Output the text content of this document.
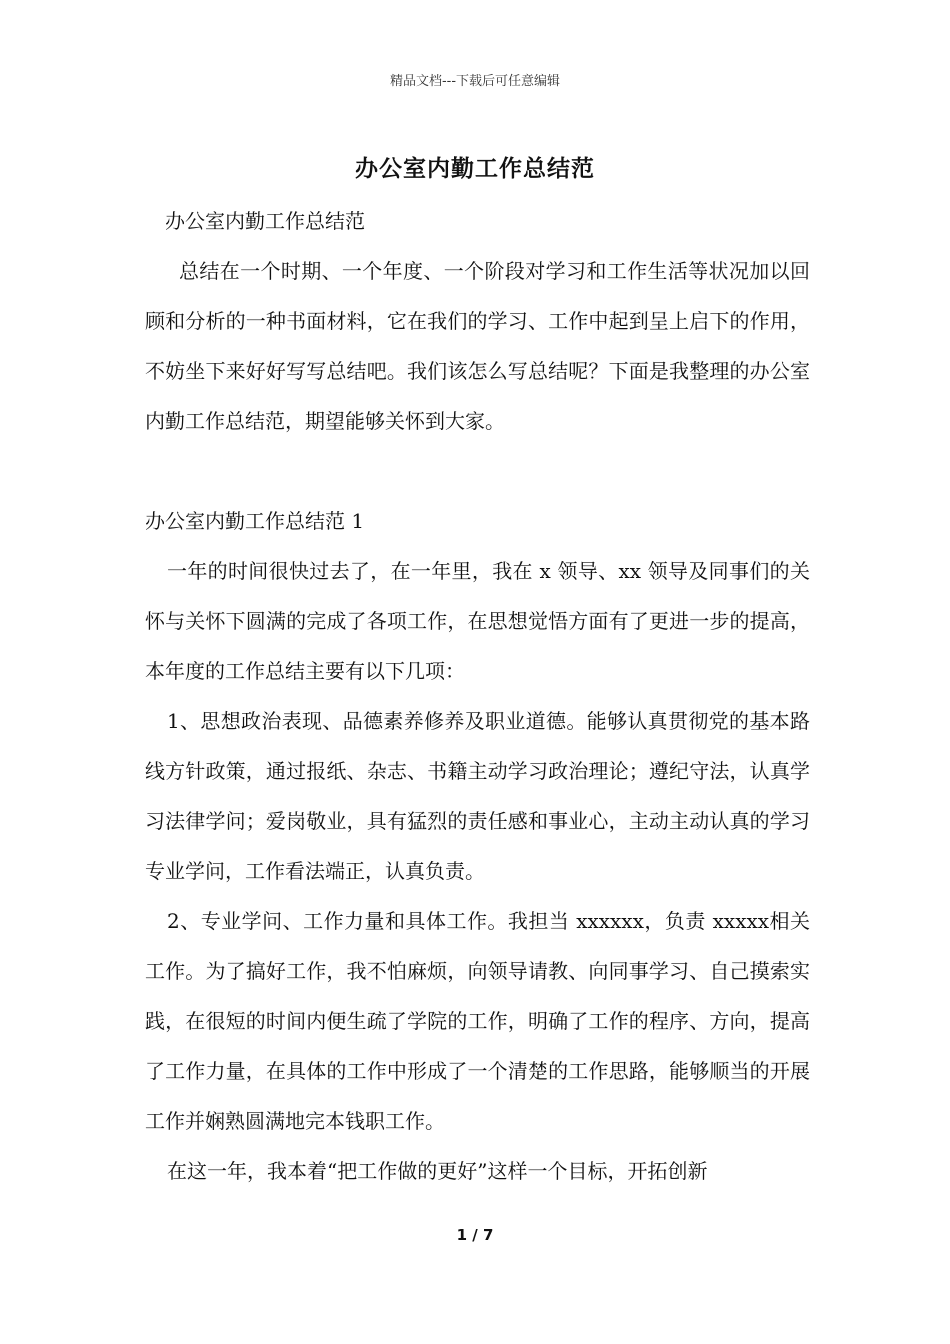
精品文档---下载后可任意编辑
办公室内勤工作总结范

办公室内勤工作总结范

总结在一个时期、一个年度、一个阶段对学习和工作生活等状况加以回顾和分析的一种书面材料，它在我们的学习、工作中起到呈上启下的作用，不妨坐下来好好写写总结吧。我们该怎么写总结呢？下面是我整理的办公室内勤工作总结范，期望能够关怀到大家。

办公室内勤工作总结范 1

一年的时间很快过去了，在一年里，我在 x 领导、xx 领导及同事们的关怀与关怀下圆满的完成了各项工作，在思想觉悟方面有了更进一步的提高，本年度的工作总结主要有以下几项：

1、思想政治表现、品德素养修养及职业道德。能够认真贯彻党的基本路线方针政策，通过报纸、杂志、书籍主动学习政治理论；遵纪守法，认真学习法律学问；爱岗敬业，具有猛烈的责任感和事业心，主动主动认真的学习专业学问，工作看法端正，认真负责。

2、专业学问、工作力量和具体工作。我担当 xxxxxx，负责 xxxxx相关工作。为了搞好工作，我不怕麻烦，向领导请教、向同事学习、自己摸索实践，在很短的时间内便生疏了学院的工作，明确了工作的程序、方向，提高了工作力量，在具体的工作中形成了一个清楚的工作思路，能够顺当的开展工作并娴熟圆满地完本钱职工作。

在这一年，我本着“把工作做的更好”这样一个目标，开拓创新

1 / 7
